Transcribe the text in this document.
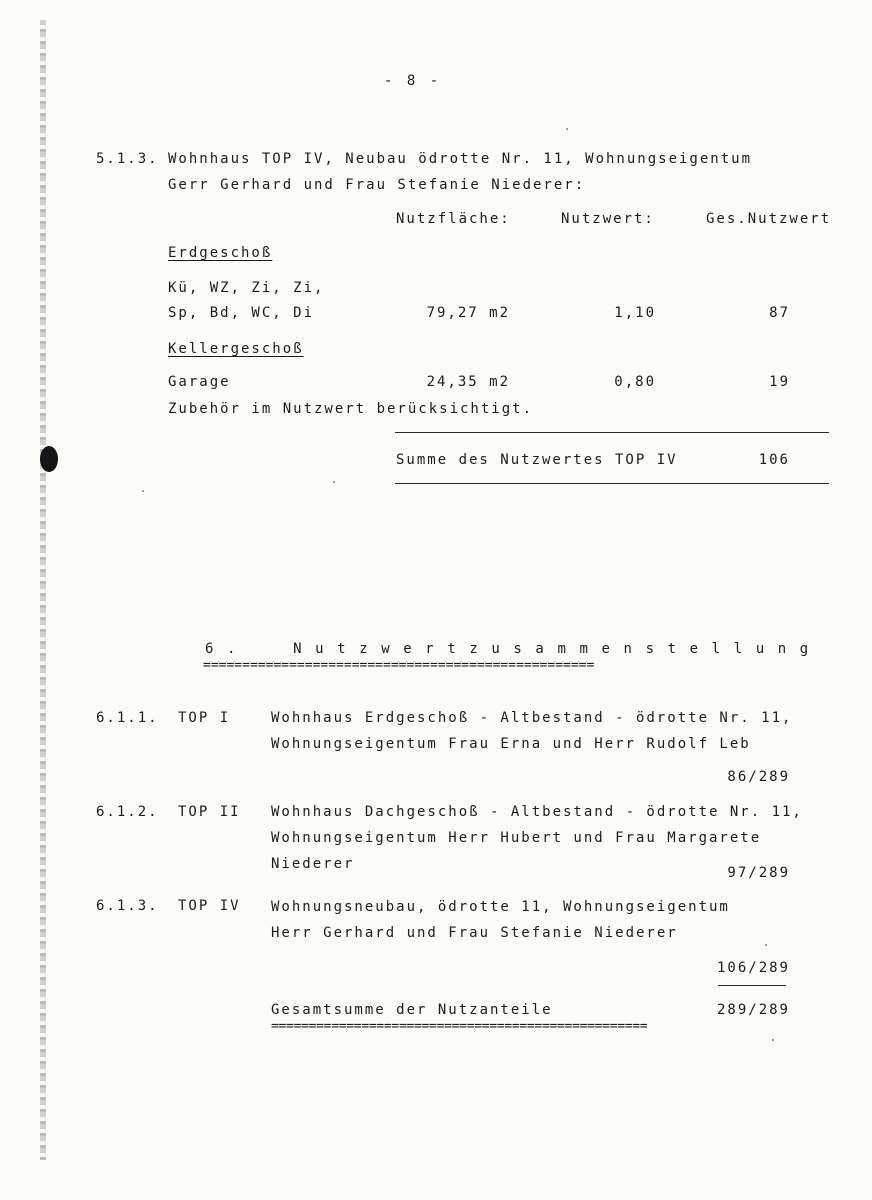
- 8 -
5.1.3. Wohnhaus TOP IV, Neubau ödrotte Nr. 11, Wohnungseigentum
Gerr Gerhard und Frau Stefanie Niederer:
Nutzfläche:	Nutzwert:	Ges.Nutzwert
Erdgeschoß
Kü, WZ, Zi, Zi,
Sp, Bd, WC, Di	79,27 m2	1,10	87
Kellergeschoß
Garage	24,35 m2	0,80	19
Zubehör im Nutzwert berücksichtigt.
Summe des Nutzwertes TOP IV	106
6.  Nutzwertzusammenstellung
==================================================
6.1.1. TOP I	Wohnhaus Erdgeschoß - Altbestand - ödrotte Nr. 11,
Wohnungseigentum Frau Erna und Herr Rudolf Leb
86/289
6.1.2. TOP II Wohnhaus Dachgeschoß - Altbestand - ödrotte Nr. 11,
Wohnungseigentum Herr Hubert und Frau Margarete
Niederer
97/289
6.1.3. TOP IV Wohnungsneubau, ödrotte 11, Wohnungseigentum
Herr Gerhard und Frau Stefanie Niederer
106/289
Gesamtsumme der Nutzanteile	289/289
==================================================
